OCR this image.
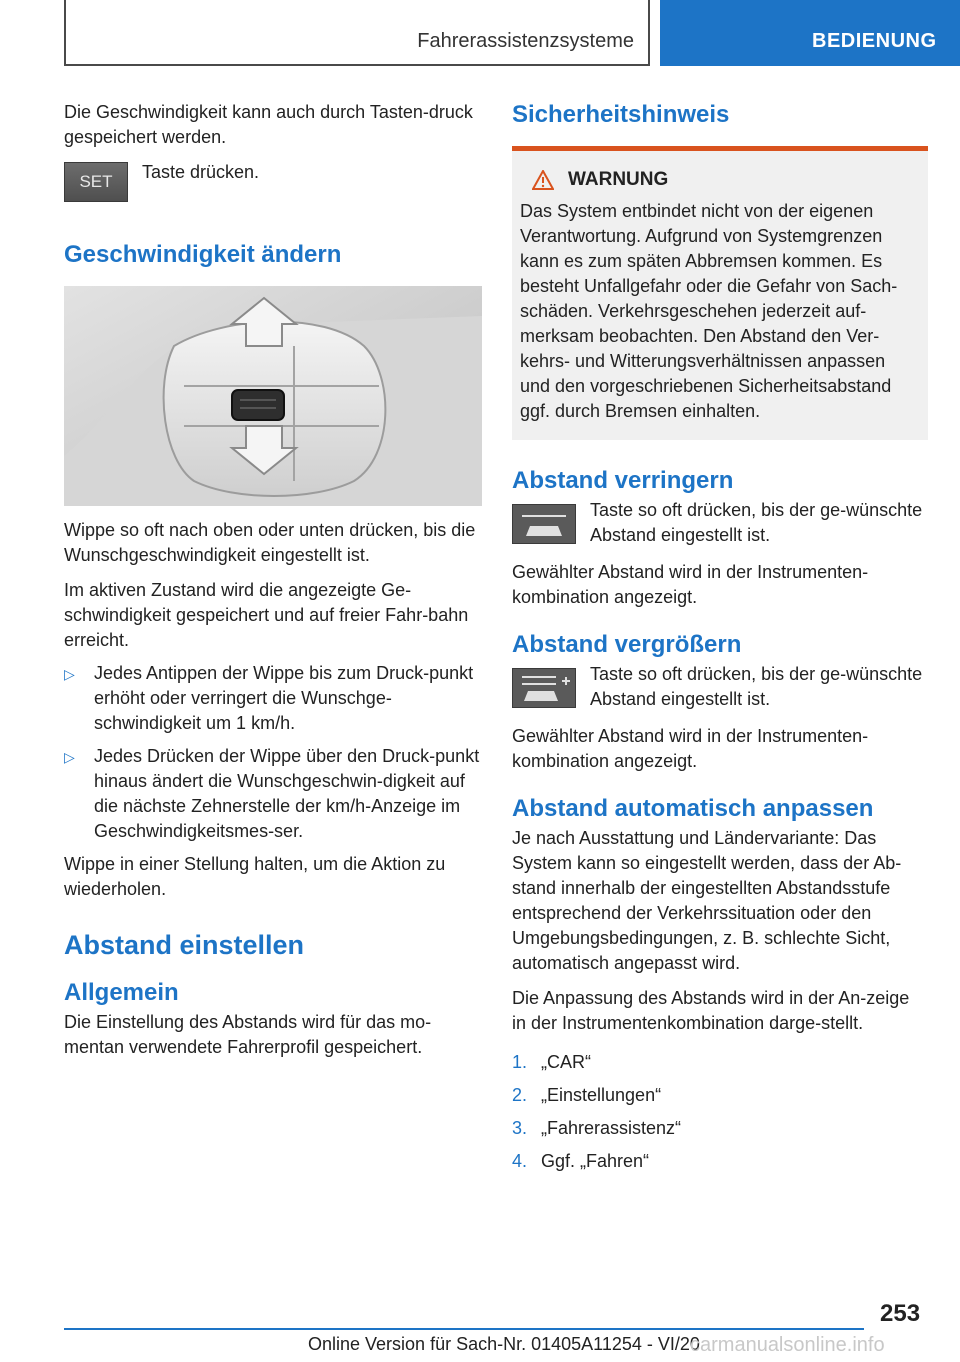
Fahrerassistenzsysteme	BEDIENUNG

Die Geschwindigkeit kann auch durch Tasten-druck gespeichert werden.

SET	Taste drücken.
Geschwindigkeit ändern

Wippe so oft nach oben oder unten drücken, bis die Wunschgeschwindigkeit eingestellt ist.

Im aktiven Zustand wird die angezeigte Ge-schwindigkeit gespeichert und auf freier Fahr-bahn erreicht.

▷	Jedes Antippen der Wippe bis zum Druck-punkt erhöht oder verringert die Wunschge-schwindigkeit um 1 km/h.
▷	Jedes Drücken der Wippe über den Druck-punkt hinaus ändert die Wunschgeschwin-digkeit auf die nächste Zehnerstelle der km/h-Anzeige im Geschwindigkeitsmes-ser.

Wippe in einer Stellung halten, um die Aktion zu wiederholen.

Abstand einstellen
Allgemein

Die Einstellung des Abstands wird für das mo-mentan verwendete Fahrerprofil gespeichert.

Sicherheitshinweis
WARNUNG

Das System entbindet nicht von der eigenen Verantwortung. Aufgrund von Systemgrenzen kann es zum späten Abbremsen kommen. Es besteht Unfallgefahr oder die Gefahr von Sach-schäden. Verkehrsgeschehen jederzeit auf-merksam beobachten. Den Abstand den Ver-kehrs- und Witterungsverhältnissen anpassen und den vorgeschriebenen Sicherheitsabstand ggf. durch Bremsen einhalten.

Abstand verringern
Taste so oft drücken, bis der ge-wünschte Abstand eingestellt ist.

Gewählter Abstand wird in der Instrumenten-kombination angezeigt.

Abstand vergrößern
Taste so oft drücken, bis der ge-wünschte Abstand eingestellt ist.

Gewählter Abstand wird in der Instrumenten-kombination angezeigt.

Abstand automatisch anpassen

Je nach Ausstattung und Ländervariante: Das System kann so eingestellt werden, dass der Ab-stand innerhalb der eingestellten Abstandsstufe entsprechend der Verkehrssituation oder den Umgebungsbedingungen, z. B. schlechte Sicht, automatisch angepasst wird.

Die Anpassung des Abstands wird in der An-zeige in der Instrumentenkombination darge-stellt.

1. „CAR“
2. „Einstellungen“
3. „Fahrerassistenz“
4. Ggf. „Fahren“
253
Online Version für Sach-Nr. 01405A11254 - VI/20
carmanualsonline.info
